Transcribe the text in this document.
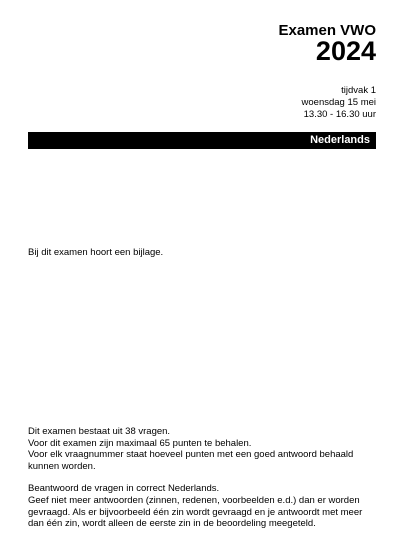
Examen VWO
2024
tijdvak 1
woensdag 15 mei
13.30 - 16.30 uur
Nederlands
Bij dit examen hoort een bijlage.

Dit examen bestaat uit 38 vragen.

Voor dit examen zijn maximaal 65 punten te behalen.

Voor elk vraagnummer staat hoeveel punten met een goed antwoord behaald kunnen worden.

Beantwoord de vragen in correct Nederlands.

Geef niet meer antwoorden (zinnen, redenen, voorbeelden e.d.) dan er worden gevraagd. Als er bijvoorbeeld één zin wordt gevraagd en je antwoordt met meer dan één zin, wordt alleen de eerste zin in de beoordeling meegeteld.
